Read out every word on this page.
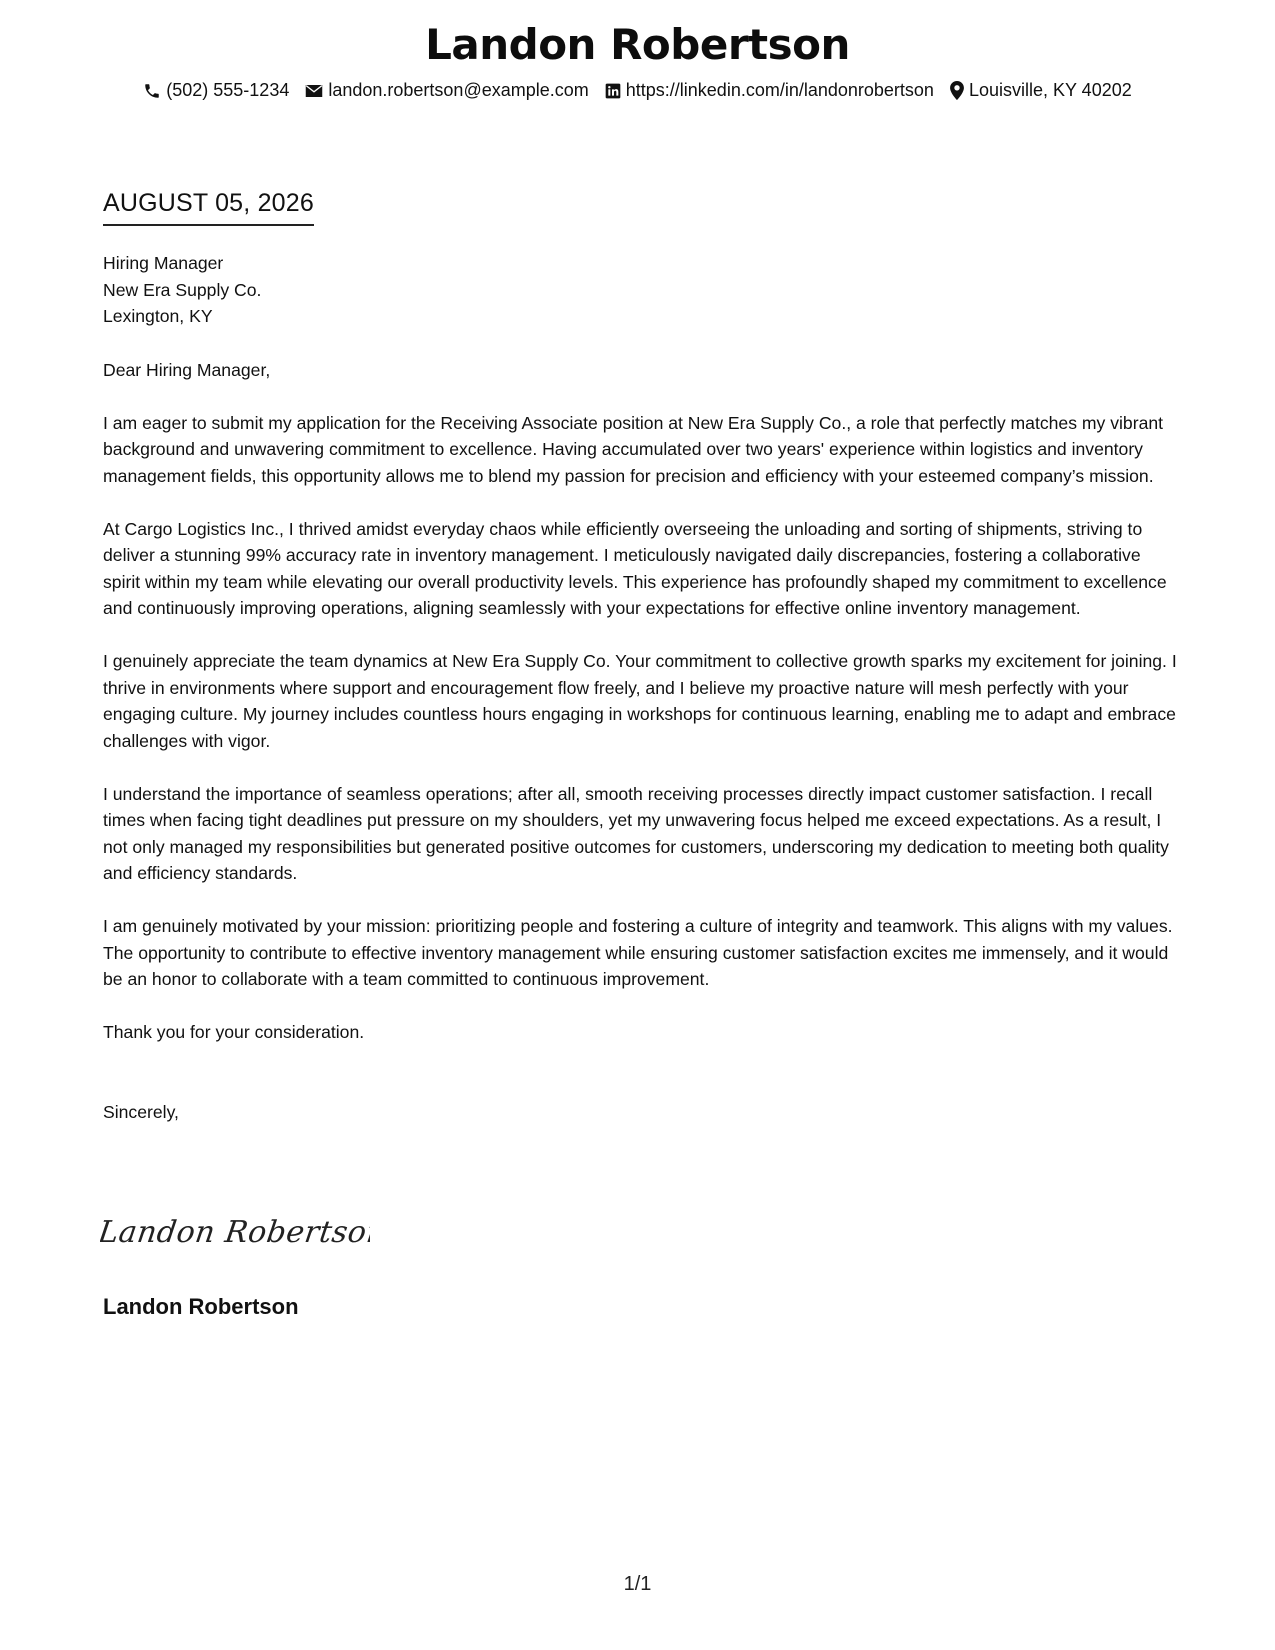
Landon Robertson
(502) 555-1234 landon.robertson@example.com https://linkedin.com/in/landonrobertson Louisville, KY 40202
AUGUST 05, 2026
Hiring Manager
New Era Supply Co.
Lexington, KY
Dear Hiring Manager,

I am eager to submit my application for the Receiving Associate position at New Era Supply Co., a role that perfectly matches my vibrant background and unwavering commitment to excellence. Having accumulated over two years' experience within logistics and inventory management fields, this opportunity allows me to blend my passion for precision and efficiency with your esteemed company’s mission.

At Cargo Logistics Inc., I thrived amidst everyday chaos while efficiently overseeing the unloading and sorting of shipments, striving to deliver a stunning 99% accuracy rate in inventory management. I meticulously navigated daily discrepancies, fostering a collaborative spirit within my team while elevating our overall productivity levels. This experience has profoundly shaped my commitment to excellence and continuously improving operations, aligning seamlessly with your expectations for effective online inventory management.

I genuinely appreciate the team dynamics at New Era Supply Co. Your commitment to collective growth sparks my excitement for joining. I thrive in environments where support and encouragement flow freely, and I believe my proactive nature will mesh perfectly with your engaging culture. My journey includes countless hours engaging in workshops for continuous learning, enabling me to adapt and embrace challenges with vigor.

I understand the importance of seamless operations; after all, smooth receiving processes directly impact customer satisfaction. I recall times when facing tight deadlines put pressure on my shoulders, yet my unwavering focus helped me exceed expectations. As a result, I not only managed my responsibilities but generated positive outcomes for customers, underscoring my dedication to meeting both quality and efficiency standards.

I am genuinely motivated by your mission: prioritizing people and fostering a culture of integrity and teamwork. This aligns with my values. The opportunity to contribute to effective inventory management while ensuring customer satisfaction excites me immensely, and it would be an honor to collaborate with a team committed to continuous improvement.

Thank you for your consideration.
Sincerely,
Landon Robertson
Landon Robertson
1/1
